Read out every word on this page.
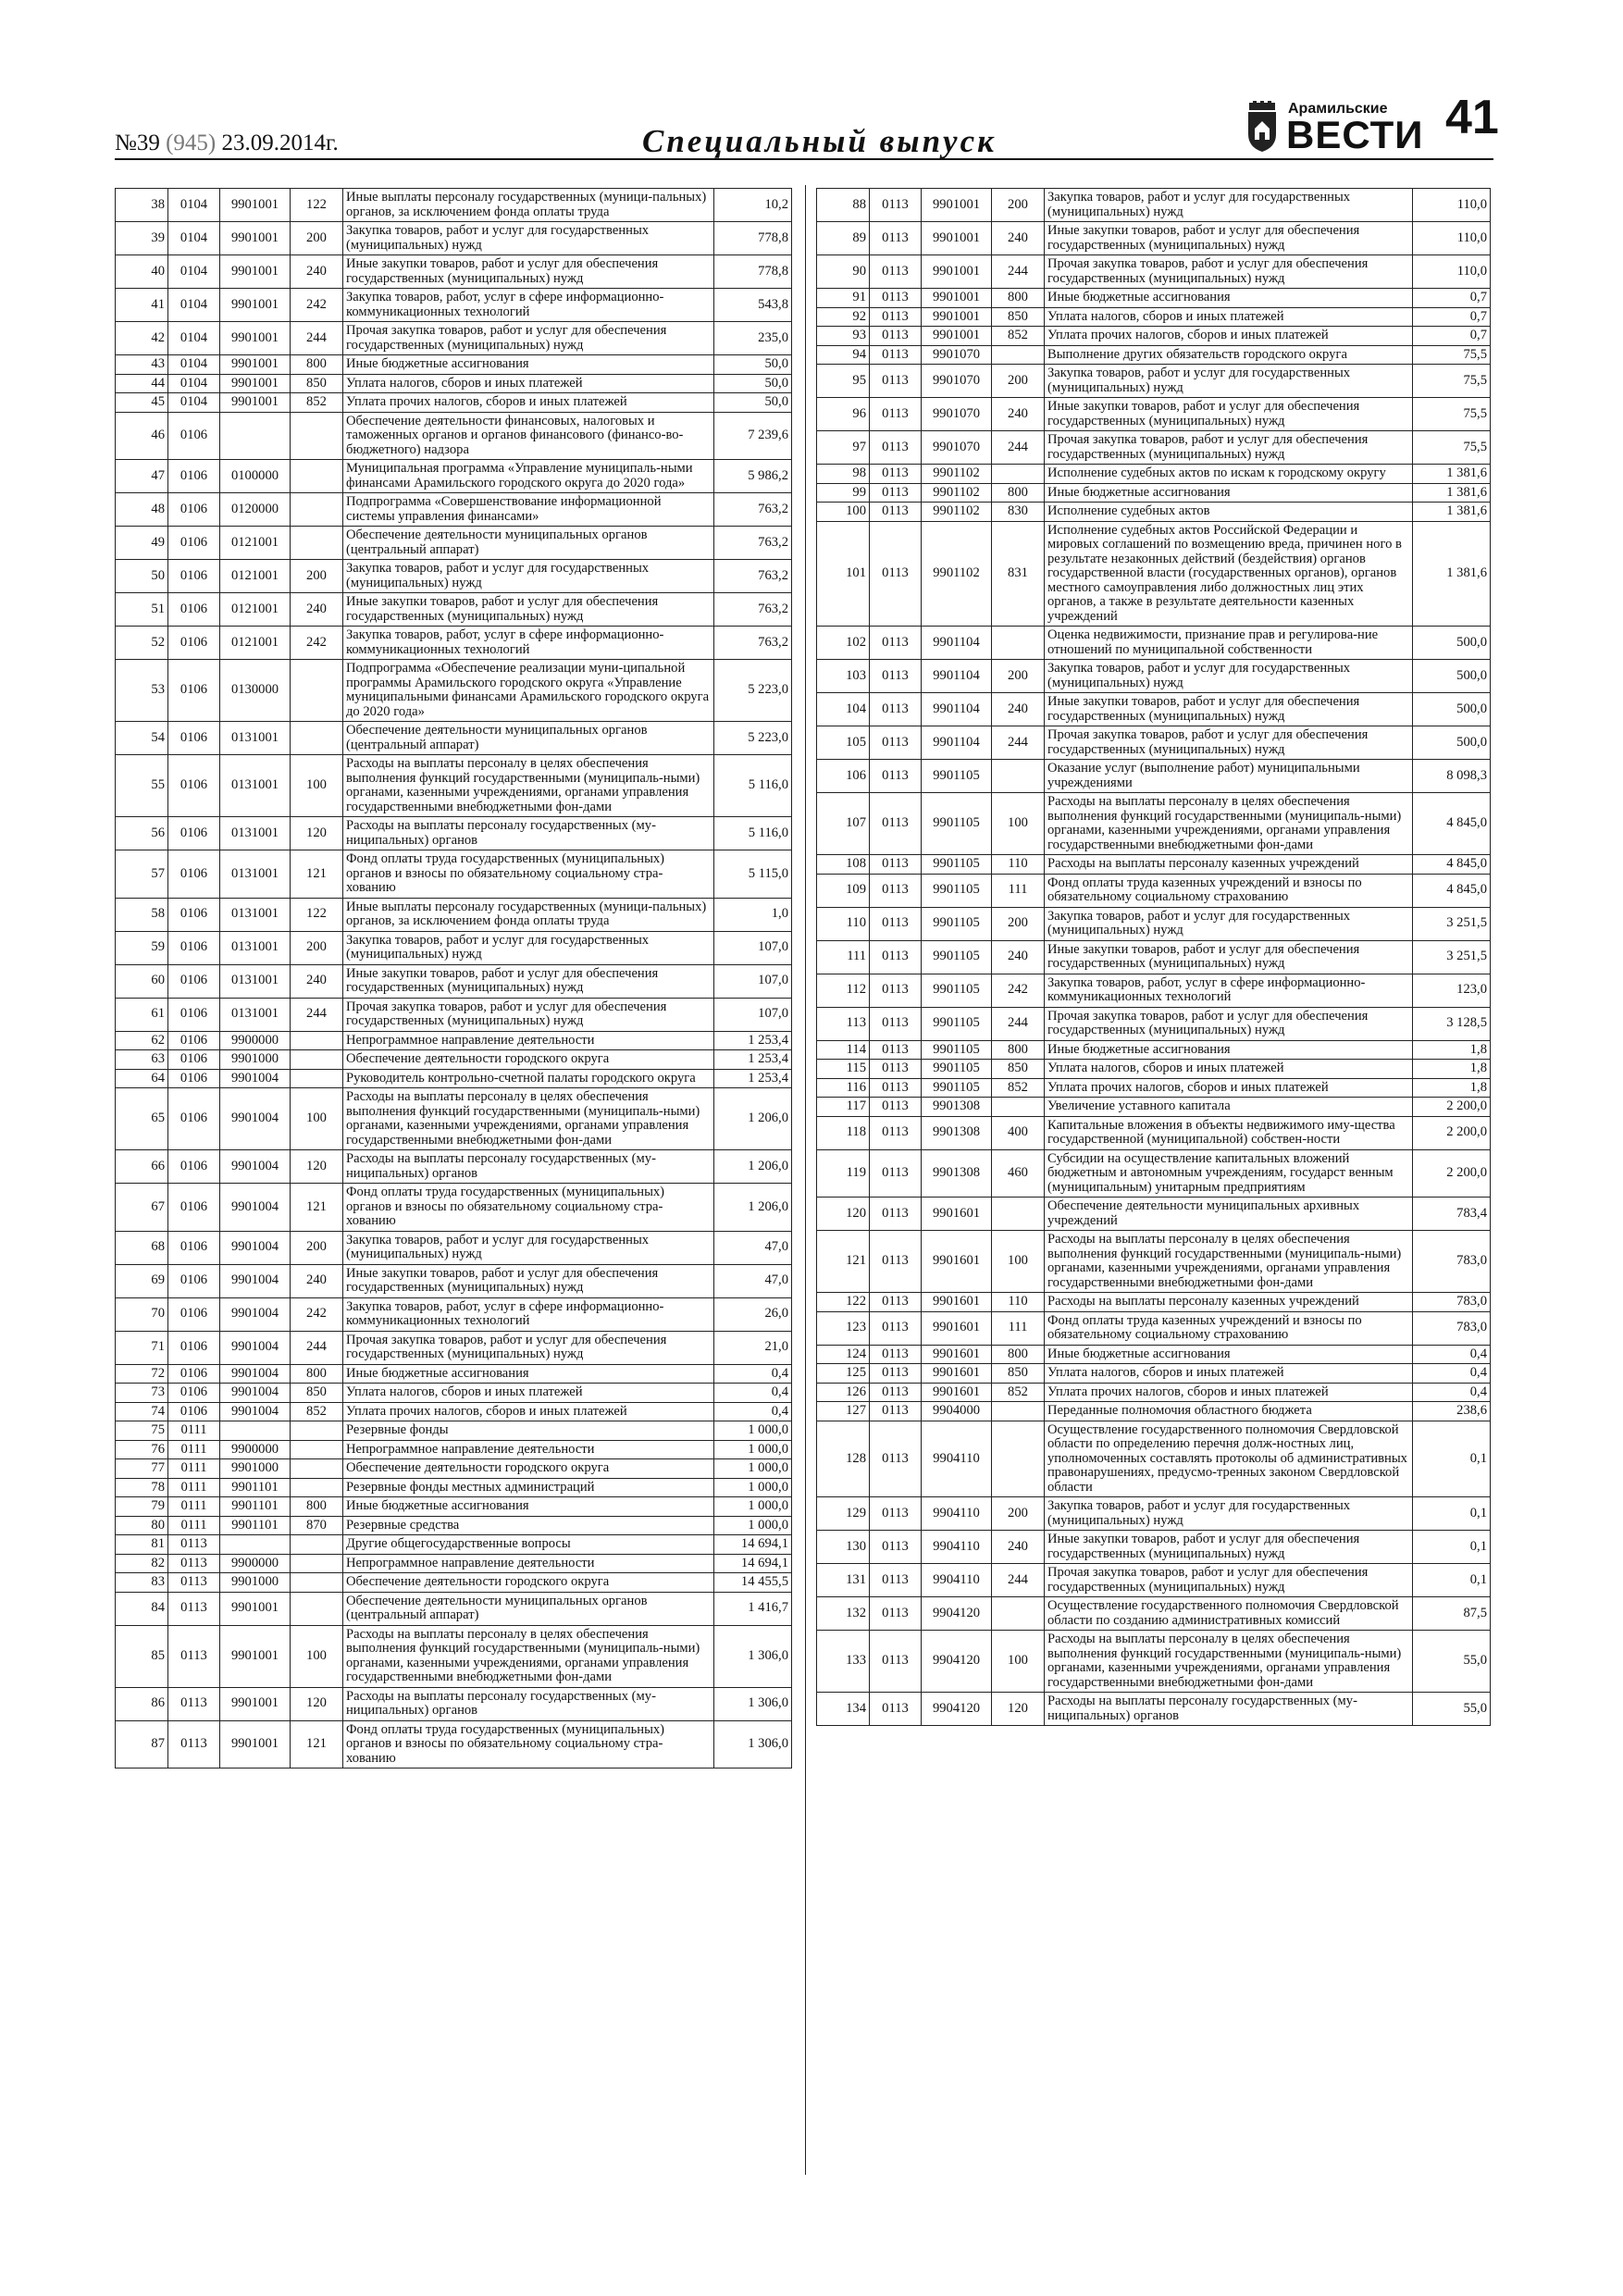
№39 (945) 23.09.2014г.	Специальный выпуск
Арамильские
ВЕСТИ 41
38	0104	9901001	122	Иные выплаты персоналу государственных (муници-пальных) органов, за исключением фонда оплаты труда	10,2
39	0104	9901001	200	Закупка товаров, работ и услуг для государственных (муниципальных) нужд	778,8
40	0104	9901001	240	Иные закупки товаров, работ и услуг для обеспечения государственных (муниципальных) нужд	778,8
41	0104	9901001	242	Закупка товаров, работ, услуг в сфере информационно-коммуникационных технологий	543,8
42	0104	9901001	244	Прочая закупка товаров, работ и услуг для обеспечения государственных (муниципальных) нужд	235,0
43	0104	9901001	800	Иные бюджетные ассигнования	50,0
44	0104	9901001	850	Уплата налогов, сборов и иных платежей	50,0
45	0104	9901001	852	Уплата прочих налогов, сборов и иных платежей	50,0
46	0106			Обеспечение деятельности финансовых, налоговых и таможенных органов и органов финансового (финансо-во-бюджетного) надзора	7 239,6
47	0106	0100000		Муниципальная программа «Управление муниципаль-ными финансами Арамильского городского округа до 2020 года»	5 986,2
48	0106	0120000		Подпрограмма «Совершенствование информационной системы управления финансами»	763,2
49	0106	0121001		Обеспечение деятельности муниципальных органов (центральный аппарат)	763,2
50	0106	0121001	200	Закупка товаров, работ и услуг для государственных (муниципальных) нужд	763,2
51	0106	0121001	240	Иные закупки товаров, работ и услуг для обеспечения государственных (муниципальных) нужд	763,2
52	0106	0121001	242	Закупка товаров, работ, услуг в сфере информационно-коммуникационных технологий	763,2
53	0106	0130000		Подпрограмма «Обеспечение реализации муни-ципальной программы Арамильского городского округа «Управление муниципальными финансами Арамильского городского округа до 2020 года»	5 223,0
54	0106	0131001		Обеспечение деятельности муниципальных органов (центральный аппарат)	5 223,0
55	0106	0131001	100	Расходы на выплаты персоналу в целях обеспечения выполнения функций государственными (муниципаль-ными) органами, казенными учреждениями, органами управления государственными внебюджетными фон-дами	5 116,0
56	0106	0131001	120	Расходы на выплаты персоналу государственных (му-ниципальных) органов	5 116,0
57	0106	0131001	121	Фонд оплаты труда государственных (муниципальных) органов и взносы по обязательному социальному стра-хованию	5 115,0
58	0106	0131001	122	Иные выплаты персоналу государственных (муници-пальных) органов, за исключением фонда оплаты труда	1,0
59	0106	0131001	200	Закупка товаров, работ и услуг для государственных (муниципальных) нужд	107,0
60	0106	0131001	240	Иные закупки товаров, работ и услуг для обеспечения государственных (муниципальных) нужд	107,0
61	0106	0131001	244	Прочая закупка товаров, работ и услуг для обеспечения государственных (муниципальных) нужд	107,0
62	0106	9900000		Непрограммное направление деятельности	1 253,4
63	0106	9901000		Обеспечение деятельности городского округа	1 253,4
64	0106	9901004		Руководитель контрольно-счетной палаты городского округа	1 253,4
65	0106	9901004	100	Расходы на выплаты персоналу в целях обеспечения выполнения функций государственными (муниципаль-ными) органами, казенными учреждениями, органами управления государственными внебюджетными фон-дами	1 206,0
66	0106	9901004	120	Расходы на выплаты персоналу государственных (му-ниципальных) органов	1 206,0
67	0106	9901004	121	Фонд оплаты труда государственных (муниципальных) органов и взносы по обязательному социальному стра-хованию	1 206,0
68	0106	9901004	200	Закупка товаров, работ и услуг для государственных (муниципальных) нужд	47,0
69	0106	9901004	240	Иные закупки товаров, работ и услуг для обеспечения государственных (муниципальных) нужд	47,0
70	0106	9901004	242	Закупка товаров, работ, услуг в сфере информационно-коммуникационных технологий	26,0
71	0106	9901004	244	Прочая закупка товаров, работ и услуг для обеспечения государственных (муниципальных) нужд	21,0
72	0106	9901004	800	Иные бюджетные ассигнования	0,4
73	0106	9901004	850	Уплата налогов, сборов и иных платежей	0,4
74	0106	9901004	852	Уплата прочих налогов, сборов и иных платежей	0,4
75	0111			Резервные фонды	1 000,0
76	0111	9900000		Непрограммное направление деятельности	1 000,0
77	0111	9901000		Обеспечение деятельности городского округа	1 000,0
78	0111	9901101		Резервные фонды местных администраций	1 000,0
79	0111	9901101	800	Иные бюджетные ассигнования	1 000,0
80	0111	9901101	870	Резервные средства	1 000,0
81	0113			Другие общегосударственные вопросы	14 694,1
82	0113	9900000		Непрограммное направление деятельности	14 694,1
83	0113	9901000		Обеспечение деятельности городского округа	14 455,5
84	0113	9901001		Обеспечение деятельности муниципальных органов (центральный аппарат)	1 416,7
85	0113	9901001	100	Расходы на выплаты персоналу в целях обеспечения выполнения функций государственными (муниципаль-ными) органами, казенными учреждениями, органами управления государственными внебюджетными фон-дами	1 306,0
86	0113	9901001	120	Расходы на выплаты персоналу государственных (му-ниципальных) органов	1 306,0
87	0113	9901001	121	Фонд оплаты труда государственных (муниципальных) органов и взносы по обязательному социальному стра-хованию	1 306,0
88	0113	9901001	200	Закупка товаров, работ и услуг для государственных (муниципальных) нужд	110,0
89	0113	9901001	240	Иные закупки товаров, работ и услуг для обеспечения государственных (муниципальных) нужд	110,0
90	0113	9901001	244	Прочая закупка товаров, работ и услуг для обеспечения государственных (муниципальных) нужд	110,0
91	0113	9901001	800	Иные бюджетные ассигнования	0,7
92	0113	9901001	850	Уплата налогов, сборов и иных платежей	0,7
93	0113	9901001	852	Уплата прочих налогов, сборов и иных платежей	0,7
94	0113	9901070		Выполнение других обязательств городского округа	75,5
95	0113	9901070	200	Закупка товаров, работ и услуг для государственных (муниципальных) нужд	75,5
96	0113	9901070	240	Иные закупки товаров, работ и услуг для обеспечения государственных (муниципальных) нужд	75,5
97	0113	9901070	244	Прочая закупка товаров, работ и услуг для обеспечения государственных (муниципальных) нужд	75,5
98	0113	9901102		Исполнение судебных актов по искам к городскому округу	1 381,6
99	0113	9901102	800	Иные бюджетные ассигнования	1 381,6
100	0113	9901102	830	Исполнение судебных актов	1 381,6
101	0113	9901102	831	Исполнение судебных актов Российской Федерации и мировых соглашений по возмещению вреда, причинен ного в результате незаконных действий (бездействия) органов государственной власти (государственных органов), органов местного самоуправления либо должностных лиц этих органов, а также в результате деятельности казенных учреждений	1 381,6
102	0113	9901104		Оценка недвижимости, признание прав и регулирова-ние отношений по муниципальной собственности	500,0
103	0113	9901104	200	Закупка товаров, работ и услуг для государственных (муниципальных) нужд	500,0
104	0113	9901104	240	Иные закупки товаров, работ и услуг для обеспечения государственных (муниципальных) нужд	500,0
105	0113	9901104	244	Прочая закупка товаров, работ и услуг для обеспечения государственных (муниципальных) нужд	500,0
106	0113	9901105		Оказание услуг (выполнение работ) муниципальными учреждениями	8 098,3
107	0113	9901105	100	Расходы на выплаты персоналу в целях обеспечения выполнения функций государственными (муниципаль-ными) органами, казенными учреждениями, органами управления государственными внебюджетными фон-дами	4 845,0
108	0113	9901105	110	Расходы на выплаты персоналу казенных учреждений	4 845,0
109	0113	9901105	111	Фонд оплаты труда казенных учреждений и взносы по обязательному социальному страхованию	4 845,0
110	0113	9901105	200	Закупка товаров, работ и услуг для государственных (муниципальных) нужд	3 251,5
111	0113	9901105	240	Иные закупки товаров, работ и услуг для обеспечения государственных (муниципальных) нужд	3 251,5
112	0113	9901105	242	Закупка товаров, работ, услуг в сфере информационно-коммуникационных технологий	123,0
113	0113	9901105	244	Прочая закупка товаров, работ и услуг для обеспечения государственных (муниципальных) нужд	3 128,5
114	0113	9901105	800	Иные бюджетные ассигнования	1,8
115	0113	9901105	850	Уплата налогов, сборов и иных платежей	1,8
116	0113	9901105	852	Уплата прочих налогов, сборов и иных платежей	1,8
117	0113	9901308		Увеличение уставного капитала	2 200,0
118	0113	9901308	400	Капитальные вложения в объекты недвижимого иму-щества государственной (муниципальной) собствен-ности	2 200,0
119	0113	9901308	460	Субсидии на осуществление капитальных вложений бюджетным и автономным учреждениям, государст венным (муниципальным) унитарным предприятиям	2 200,0
120	0113	9901601		Обеспечение деятельности муниципальных архивных учреждений	783,4
121	0113	9901601	100	Расходы на выплаты персоналу в целях обеспечения выполнения функций государственными (муниципаль-ными) органами, казенными учреждениями, органами управления государственными внебюджетными фон-дами	783,0
122	0113	9901601	110	Расходы на выплаты персоналу казенных учреждений	783,0
123	0113	9901601	111	Фонд оплаты труда казенных учреждений и взносы по обязательному социальному страхованию	783,0
124	0113	9901601	800	Иные бюджетные ассигнования	0,4
125	0113	9901601	850	Уплата налогов, сборов и иных платежей	0,4
126	0113	9901601	852	Уплата прочих налогов, сборов и иных платежей	0,4
127	0113	9904000		Переданные полномочия областного бюджета	238,6
128	0113	9904110		Осуществление государственного полномочия Свердловской области по определению перечня долж-ностных лиц, уполномоченных составлять протоколы об административных правонарушениях, предусмо-тренных законом Свердловской области	0,1
129	0113	9904110	200	Закупка товаров, работ и услуг для государственных (муниципальных) нужд	0,1
130	0113	9904110	240	Иные закупки товаров, работ и услуг для обеспечения государственных (муниципальных) нужд	0,1
131	0113	9904110	244	Прочая закупка товаров, работ и услуг для обеспечения государственных (муниципальных) нужд	0,1
132	0113	9904120		Осуществление государственного полномочия Свердловской области по созданию административных комиссий	87,5
133	0113	9904120	100	Расходы на выплаты персоналу в целях обеспечения выполнения функций государственными (муниципаль-ными) органами, казенными учреждениями, органами управления государственными внебюджетными фон-дами	55,0
134	0113	9904120	120	Расходы на выплаты персоналу государственных (му-ниципальных) органов	55,0
